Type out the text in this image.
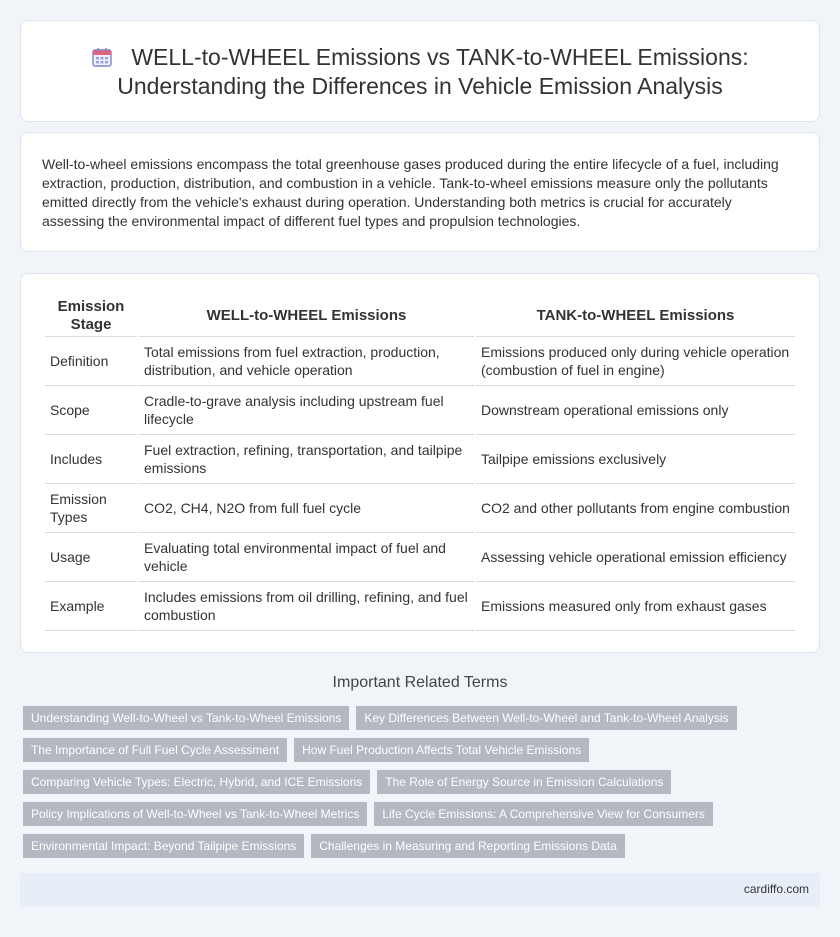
WELL-to-WHEEL Emissions vs TANK-to-WHEEL Emissions:
Understanding the Differences in Vehicle Emission Analysis

Well-to-wheel emissions encompass the total greenhouse gases produced during the entire lifecycle of a fuel, including extraction, production, distribution, and combustion in a vehicle. Tank-to-wheel emissions measure only the pollutants emitted directly from the vehicle's exhaust during operation. Understanding both metrics is crucial for accurately assessing the environmental impact of different fuel types and propulsion technologies.

Emission Stage	WELL-to-WHEEL Emissions	TANK-to-WHEEL Emissions
Definition	Total emissions from fuel extraction, production, distribution, and vehicle operation	Emissions produced only during vehicle operation (combustion of fuel in engine)
Scope	Cradle-to-grave analysis including upstream fuel lifecycle	Downstream operational emissions only
Includes	Fuel extraction, refining, transportation, and tailpipe emissions	Tailpipe emissions exclusively
Emission Types	CO2, CH4, N2O from full fuel cycle	CO2 and other pollutants from engine combustion
Usage	Evaluating total environmental impact of fuel and vehicle	Assessing vehicle operational emission efficiency
Example	Includes emissions from oil drilling, refining, and fuel combustion	Emissions measured only from exhaust gases
Important Related Terms
Understanding Well-to-Wheel vs Tank-to-Wheel Emissions	Key Differences Between Well-to-Wheel and Tank-to-Wheel Analysis
The Importance of Full Fuel Cycle Assessment	How Fuel Production Affects Total Vehicle Emissions
Comparing Vehicle Types: Electric, Hybrid, and ICE Emissions	The Role of Energy Source in Emission Calculations
Policy Implications of Well-to-Wheel vs Tank-to-Wheel Metrics	Life Cycle Emissions: A Comprehensive View for Consumers
Environmental Impact: Beyond Tailpipe Emissions	Challenges in Measuring and Reporting Emissions Data
cardiffo.com
